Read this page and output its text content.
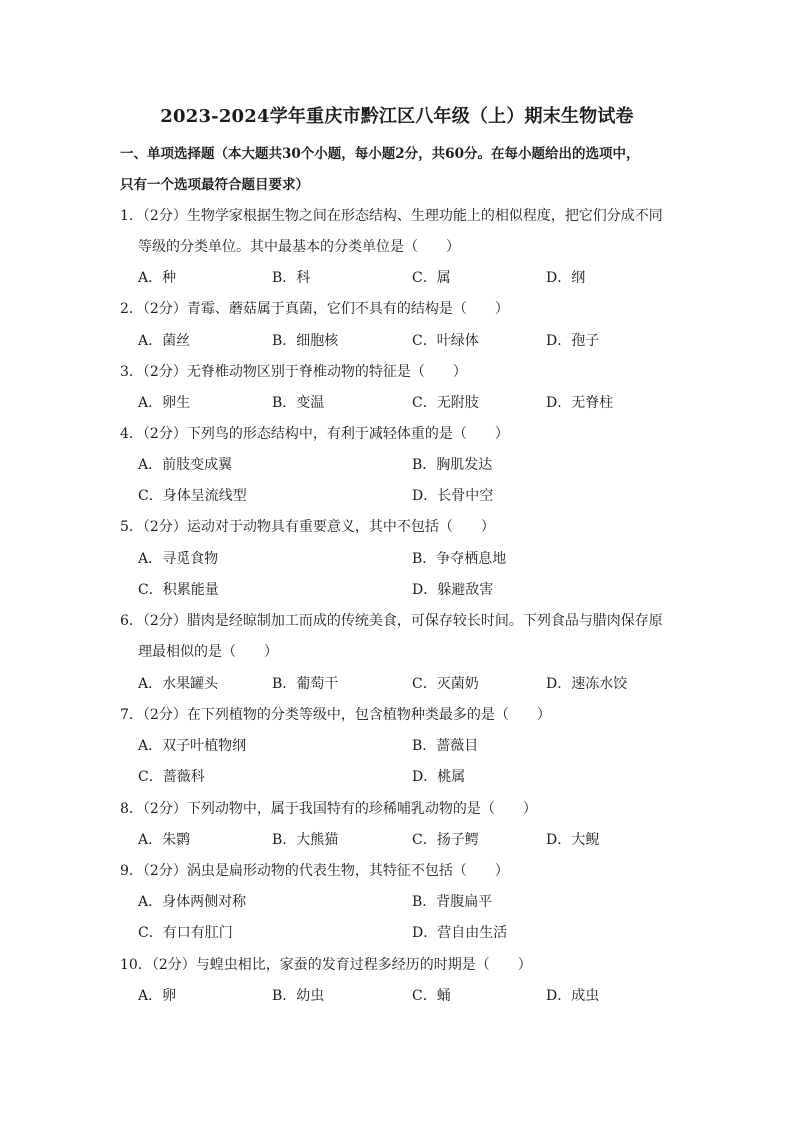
2023-2024学年重庆市黔江区八年级（上）期末生物试卷
一、单项选择题（本大题共30个小题，每小题2分，共60分。在每小题给出的选项中，
只有一个选项最符合题目要求）
1．（2分）生物学家根据生物之间在形态结构、生理功能上的相似程度，把它们分成不同
等级的分类单位。其中最基本的分类单位是（　　）
A．种	B．科	C．属	D．纲
2．（2分）青霉、蘑菇属于真菌，它们不具有的结构是（　　）
A．菌丝	B．细胞核	C．叶绿体	D．孢子
3．（2分）无脊椎动物区别于脊椎动物的特征是（　　）
A．卵生	B．变温	C．无附肢	D．无脊柱
4．（2分）下列鸟的形态结构中，有利于减轻体重的是（　　）
A．前肢变成翼	B．胸肌发达
C．身体呈流线型	D．长骨中空
5．（2分）运动对于动物具有重要意义，其中不包括（　　）
A．寻觅食物	B．争夺栖息地
C．积累能量	D．躲避敌害
6．（2分）腊肉是经晾制加工而成的传统美食，可保存较长时间。下列食品与腊肉保存原
理最相似的是（　　）
A．水果罐头	B．葡萄干	C．灭菌奶	D．速冻水饺
7．（2分）在下列植物的分类等级中，包含植物种类最多的是（　　）
A．双子叶植物纲	B．蔷薇目
C．蔷薇科	D．桃属
8．（2分）下列动物中，属于我国特有的珍稀哺乳动物的是（　　）
A．朱鹮	B．大熊猫	C．扬子鳄	D．大鲵
9．（2分）涡虫是扁形动物的代表生物，其特征不包括（　　）
A．身体两侧对称	B．背腹扁平
C．有口有肛门	D．营自由生活
10．（2分）与蝗虫相比，家蚕的发育过程多经历的时期是（　　）
A．卵	B．幼虫	C．蛹	D．成虫
